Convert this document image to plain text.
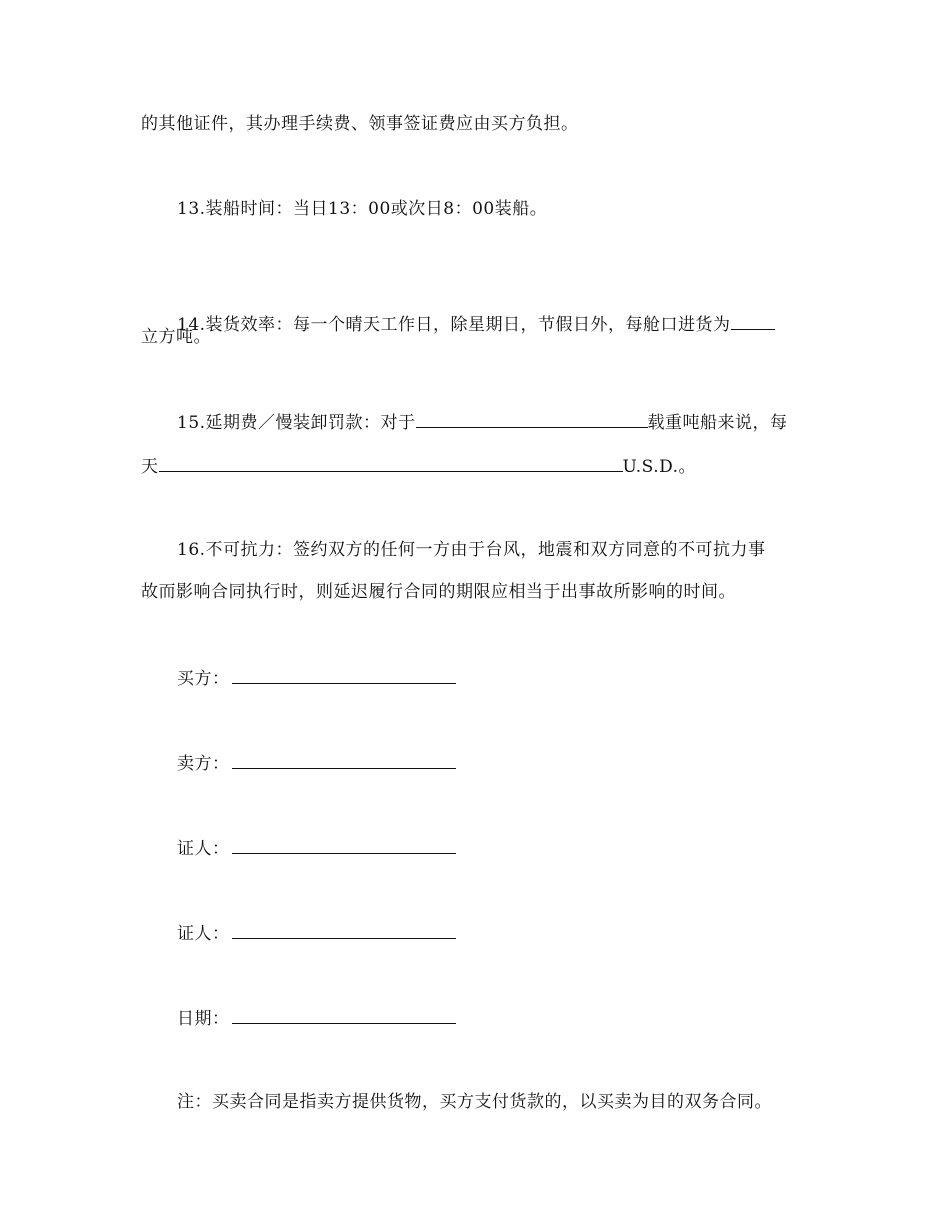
的其他证件，其办理手续费、领事签证费应由买方负担。
13.装船时间：当日13：00或次日8：00装船。
14.装货效率：每一个晴天工作日，除星期日，节假日外，每舱口进货为
立方吨。
15.延期费／慢装卸罚款：对于	载重吨船来说，每
天	U.S.D.。
16.不可抗力：签约双方的任何一方由于台风，地震和双方同意的不可抗力事
故而影响合同执行时，则延迟履行合同的期限应相当于出事故所影响的时间。
买方：
卖方：
证人：
证人：
日期：
注：买卖合同是指卖方提供货物，买方支付货款的，以买卖为目的双务合同。
